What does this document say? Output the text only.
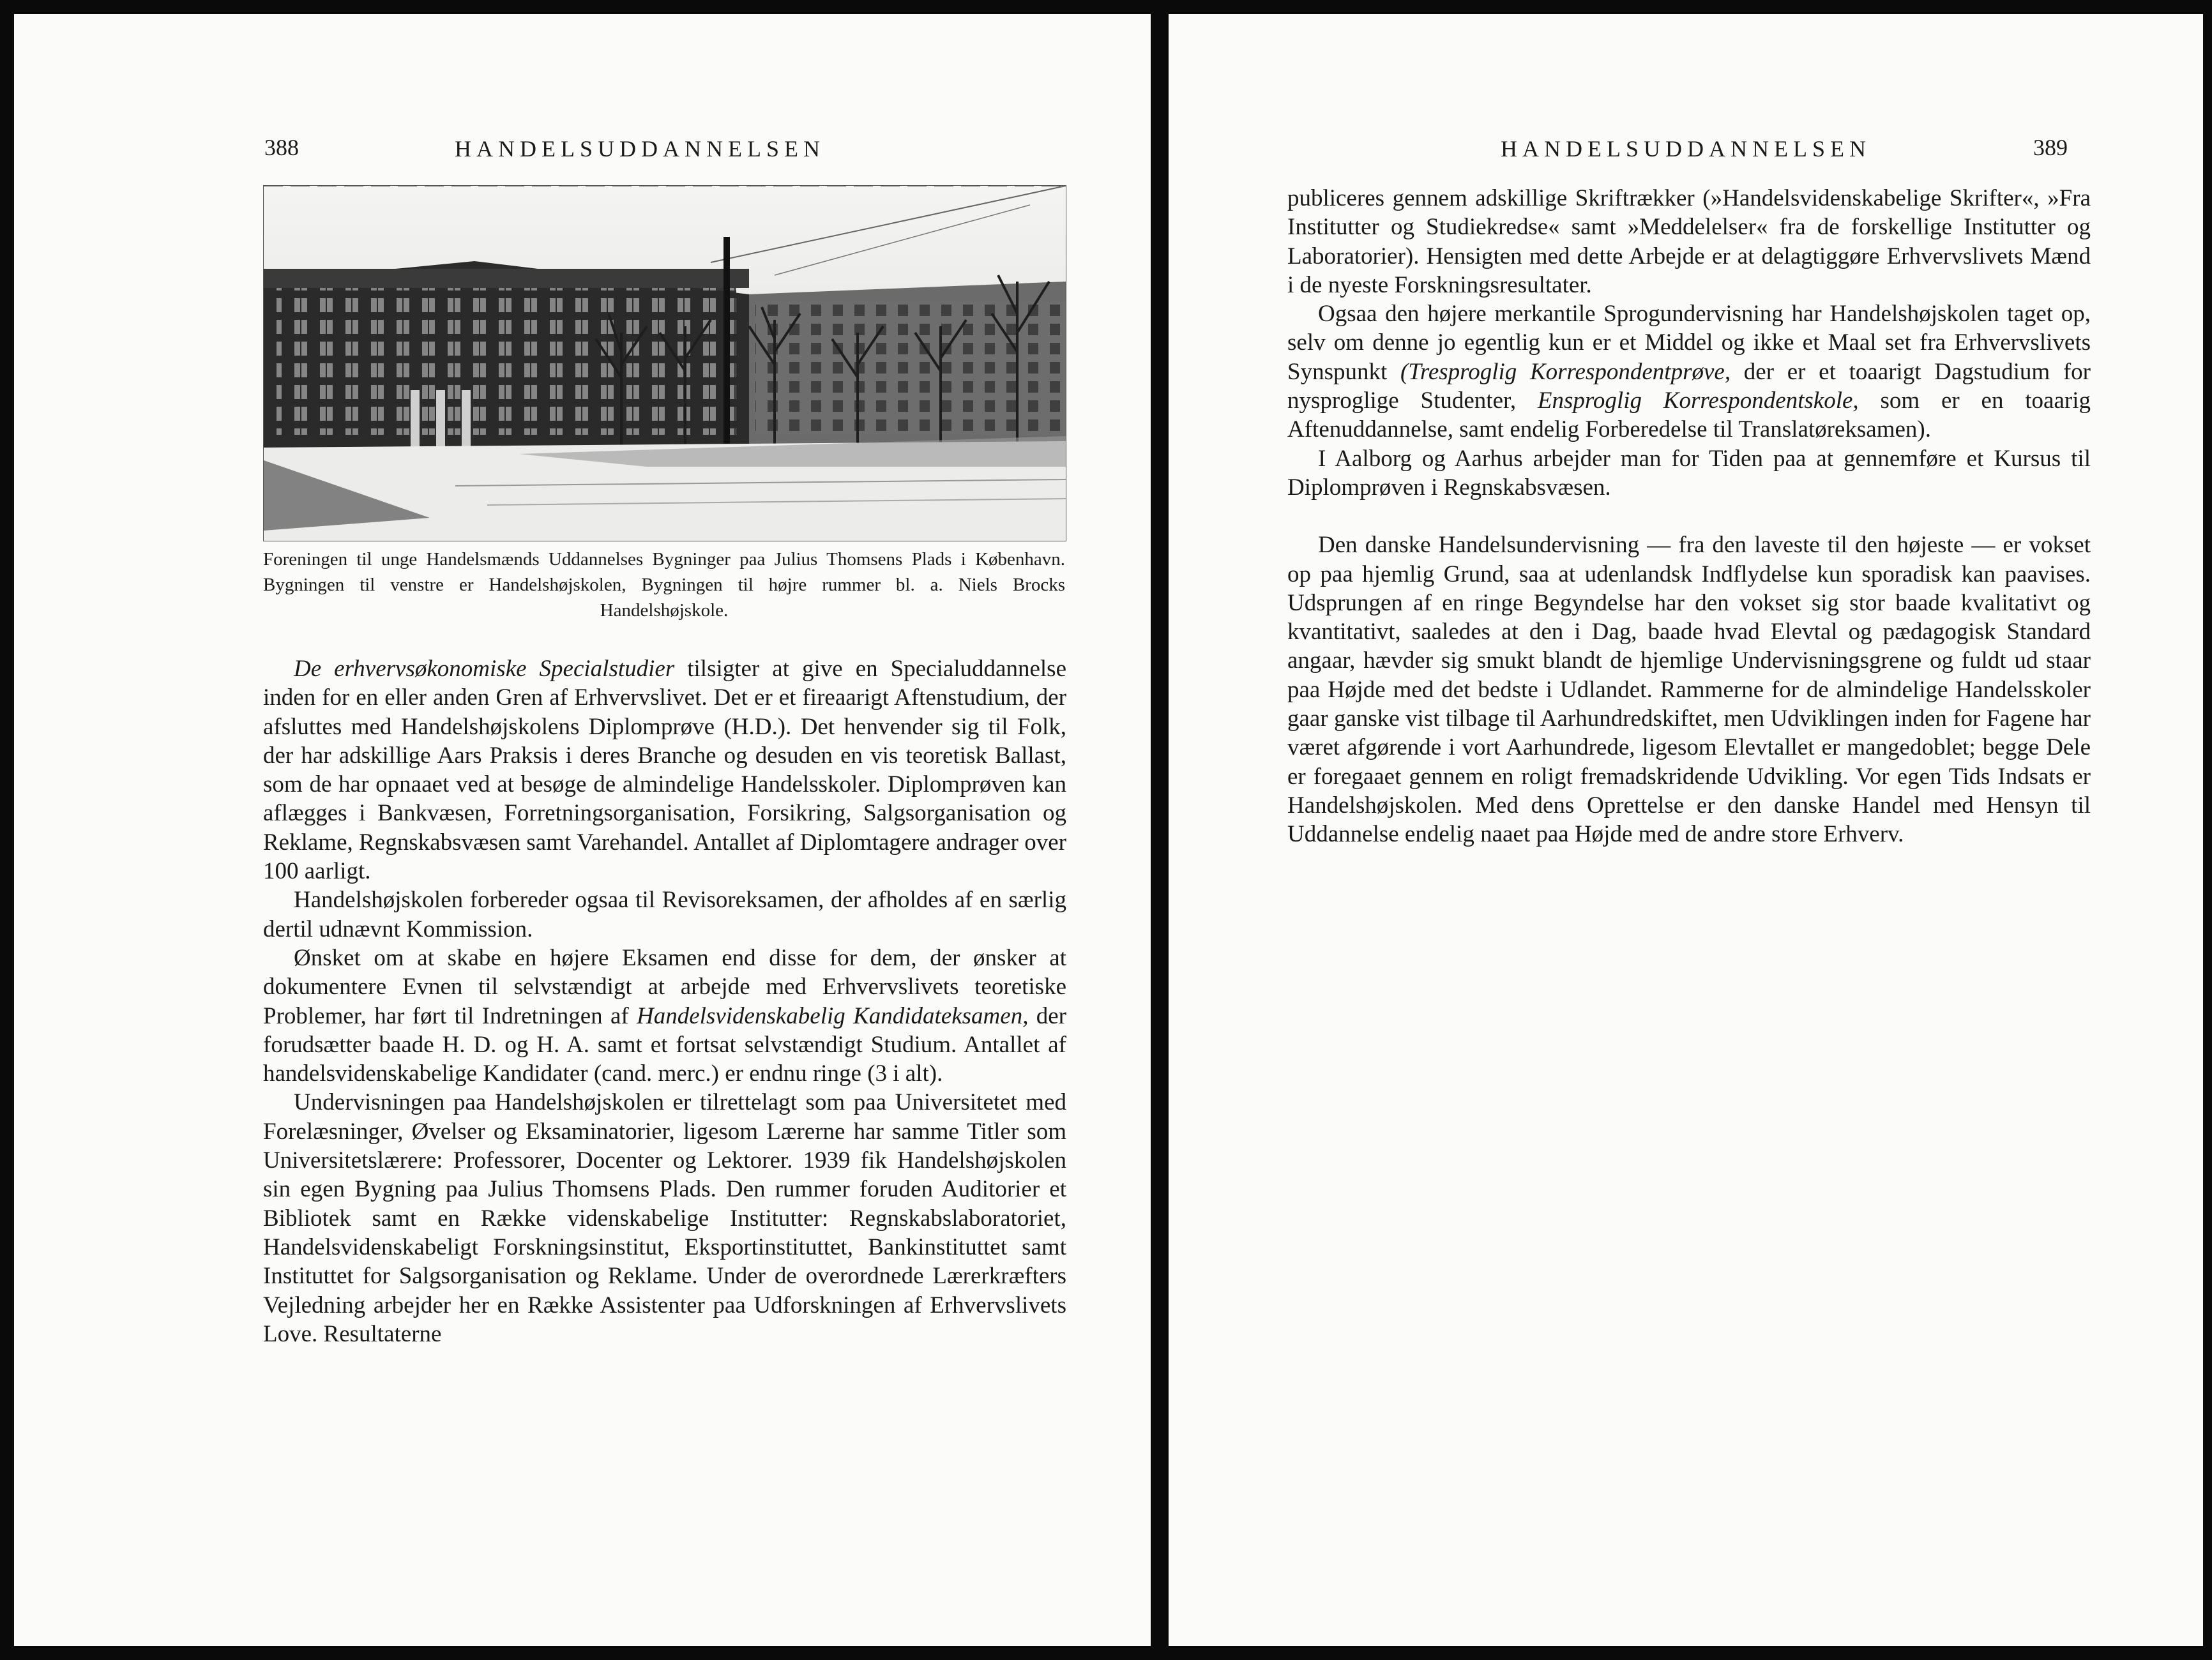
388	HANDELSUDDANNELSEN
Foreningen til unge Handelsmænds Uddannelses Bygninger paa Julius Thomsens Plads i København. Bygningen til venstre er Handelshøjskolen, Bygningen til højre rummer bl. a. Niels Brocks Handelshøjskole.

De erhvervsøkonomiske Specialstudier tilsigter at give en Specialuddannelse inden for en eller anden Gren af Erhvervslivet. Det er et fireaarigt Aftenstudium, der afsluttes med Handelshøjskolens Diplomprøve (H.D.). Det henvender sig til Folk, der har adskillige Aars Praksis i deres Branche og desuden en vis teoretisk Ballast, som de har opnaaet ved at besøge de almindelige Handelsskoler. Diplomprøven kan aflægges i Bankvæsen, Forretningsorganisation, Forsikring, Salgsorganisation og Reklame, Regnskabsvæsen samt Varehandel. Antallet af Diplomtagere andrager over 100 aarligt.

Handelshøjskolen forbereder ogsaa til Revisoreksamen, der afholdes af en særlig dertil udnævnt Kommission.

Ønsket om at skabe en højere Eksamen end disse for dem, der ønsker at dokumentere Evnen til selvstændigt at arbejde med Erhvervslivets teoretiske Problemer, har ført til Indretningen af Handelsvidenskabelig Kandidateksamen, der forudsætter baade H. D. og H. A. samt et fortsat selvstændigt Studium. Antallet af handelsvidenskabelige Kandidater (cand. merc.) er endnu ringe (3 i alt).

Undervisningen paa Handelshøjskolen er tilrettelagt som paa Universitetet med Forelæsninger, Øvelser og Eksaminatorier, ligesom Lærerne har samme Titler som Universitetslærere: Professorer, Docenter og Lektorer. 1939 fik Handelshøjskolen sin egen Bygning paa Julius Thomsens Plads. Den rummer foruden Auditorier et Bibliotek samt en Række videnskabelige Institutter: Regnskabslaboratoriet, Handelsvidenskabeligt Forskningsinstitut, Eksportinstituttet, Bankinstituttet samt Instituttet for Salgsorganisation og Reklame. Under de overordnede Lærerkræfters Vejledning arbejder her en Række Assistenter paa Udforskningen af Erhvervslivets Love. Resultaterne

HANDELSUDDANNELSEN	389

publiceres gennem adskillige Skriftrækker (»Handelsvidenskabelige Skrifter«, »Fra Institutter og Studiekredse« samt »Meddelelser« fra de forskellige Institutter og Laboratorier). Hensigten med dette Arbejde er at delagtiggøre Erhvervslivets Mænd i de nyeste Forskningsresultater.

Ogsaa den højere merkantile Sprogundervisning har Handelshøjskolen taget op, selv om denne jo egentlig kun er et Middel og ikke et Maal set fra Erhvervslivets Synspunkt (Tresproglig Korrespondentprøve, der er et toaarigt Dagstudium for nysproglige Studenter, Ensproglig Korrespondentskole, som er en toaarig Aftenuddannelse, samt endelig Forberedelse til Translatøreksamen).

I Aalborg og Aarhus arbejder man for Tiden paa at gennemføre et Kursus til Diplomprøven i Regnskabsvæsen.

Den danske Handelsundervisning — fra den laveste til den højeste — er vokset op paa hjemlig Grund, saa at udenlandsk Indflydelse kun sporadisk kan paavises. Udsprungen af en ringe Begyndelse har den vokset sig stor baade kvalitativt og kvantitativt, saaledes at den i Dag, baade hvad Elevtal og pædagogisk Standard angaar, hævder sig smukt blandt de hjemlige Undervisningsgrene og fuldt ud staar paa Højde med det bedste i Udlandet. Rammerne for de almindelige Handelsskoler gaar ganske vist tilbage til Aarhundredskiftet, men Udviklingen inden for Fagene har været afgørende i vort Aarhundrede, ligesom Elevtallet er mangedoblet; begge Dele er foregaaet gennem en roligt fremadskridende Udvikling. Vor egen Tids Indsats er Handelshøjskolen. Med dens Oprettelse er den danske Handel med Hensyn til Uddannelse endelig naaet paa Højde med de andre store Erhverv.
